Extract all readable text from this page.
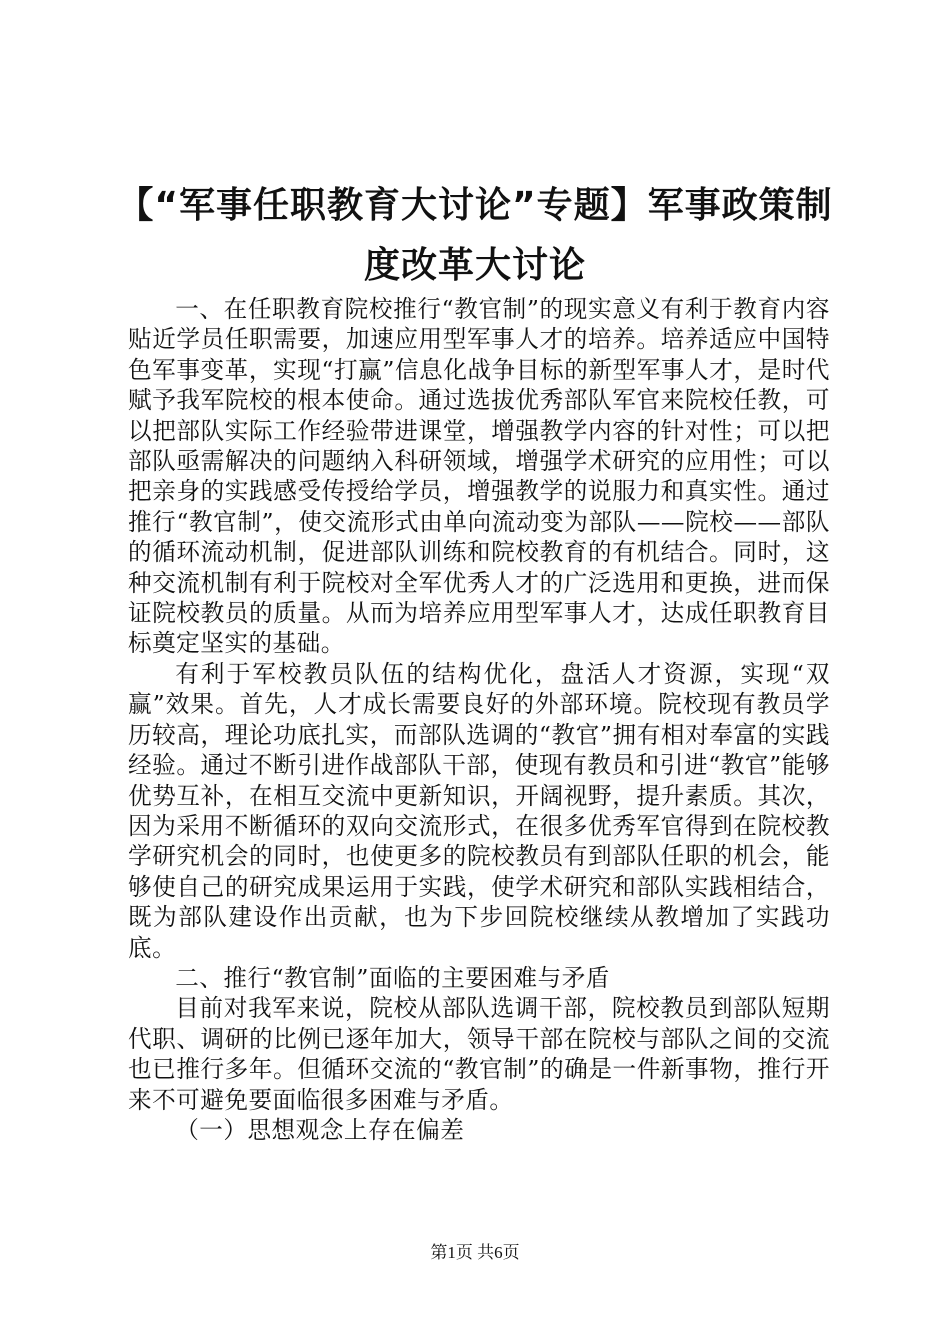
【“军事任职教育大讨论”专题】军事政策制度改革大讨论

一、在任职教育院校推行“教官制”的现实意义有利于教育内容贴近学员任职需要，加速应用型军事人才的培养。培养适应中国特色军事变革，实现“打赢”信息化战争目标的新型军事人才，是时代赋予我军院校的根本使命。通过选拔优秀部队军官来院校任教，可以把部队实际工作经验带进课堂，增强教学内容的针对性；可以把部队亟需解决的问题纳入科研领域，增强学术研究的应用性；可以把亲身的实践感受传授给学员，增强教学的说服力和真实性。通过推行“教官制”，使交流形式由单向流动变为部队——院校——部队的循环流动机制，促进部队训练和院校教育的有机结合。同时，这种交流机制有利于院校对全军优秀人才的广泛选用和更换，进而保证院校教员的质量。从而为培养应用型军事人才，达成任职教育目标奠定坚实的基础。

有利于军校教员队伍的结构优化，盘活人才资源，实现“双赢”效果。首先，人才成长需要良好的外部环境。院校现有教员学历较高，理论功底扎实，而部队选调的“教官”拥有相对奉富的实践经验。通过不断引进作战部队干部，使现有教员和引进“教官”能够优势互补，在相互交流中更新知识，开阔视野，提升素质。其次，因为采用不断循环的双向交流形式，在很多优秀军官得到在院校教学研究机会的同时，也使更多的院校教员有到部队任职的机会，能够使自己的研究成果运用于实践，使学术研究和部队实践相结合，既为部队建设作出贡献，也为下步回院校继续从教增加了实践功底。

二、推行“教官制”面临的主要困难与矛盾

目前对我军来说，院校从部队选调干部，院校教员到部队短期代职、调研的比例已逐年加大，领导干部在院校与部队之间的交流也已推行多年。但循环交流的“教官制”的确是一件新事物，推行开来不可避免要面临很多困难与矛盾。

（一）思想观念上存在偏差

第1页 共6页
